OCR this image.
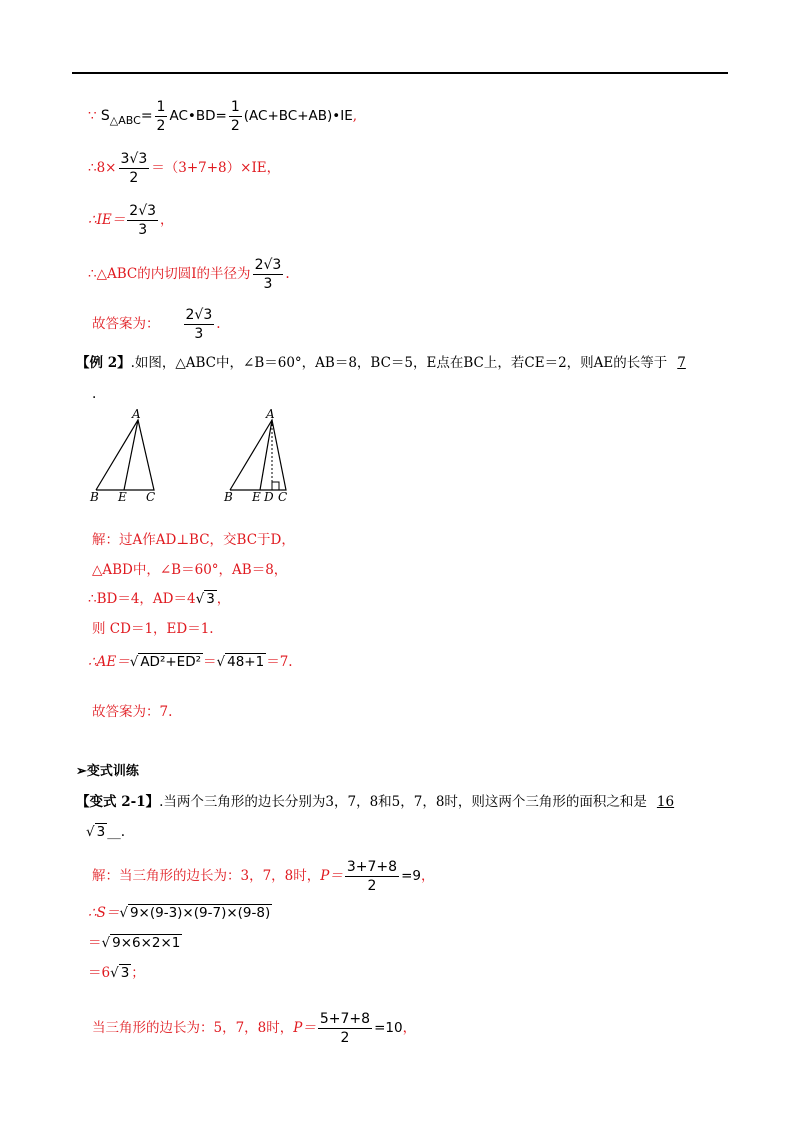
∵ $S_{\triangle ABC}= \frac{1}{2}$ AC•BD= $\frac{1}{2}$ (AC+BC+AB)•IE,
∴8× $\frac{3√3}{2} =(3+7+8)\times IE$，
∴IE＝ $\frac{2√3}{3}$ ，
∴△ABC的内切圆I的半径为 $\frac{2√3}{3}$ .
故答案为： $\frac{2√3}{3}$ .
【例 2】.如图，△ABC中，∠B＝60°，AB＝8，BC＝5，E点在BC上，若CE＝2，则AE的长等于 7
.
A
B E C
A
B E D C
解：过A作AD⊥BC，交BC于D，
△ABD中，∠B＝60°，AB＝8，
∴BD＝4，AD＝4√ 3 ，
则 CD＝1，ED＝1.
∴AE＝√ AD²+ED² ＝√ 48+1 ＝7.
故答案为：7.
➢变式训练
【变式 2-1】.当两个三角形的边长分别为3，7，8和5，7，8时，则这两个三角形的面积之和是 16
√ 3 __.
解：当三角形的边长为：3，7，8时，$P= \frac{3+7+8}{2} =9$，
∴S＝√ 9×(9-3)×(9-7)×(9-8)
＝√ 9×6×2×1
＝6√ 3 ；
当三角形的边长为：5，7，8时，$P= \frac{5+7+8}{2} =10$，
